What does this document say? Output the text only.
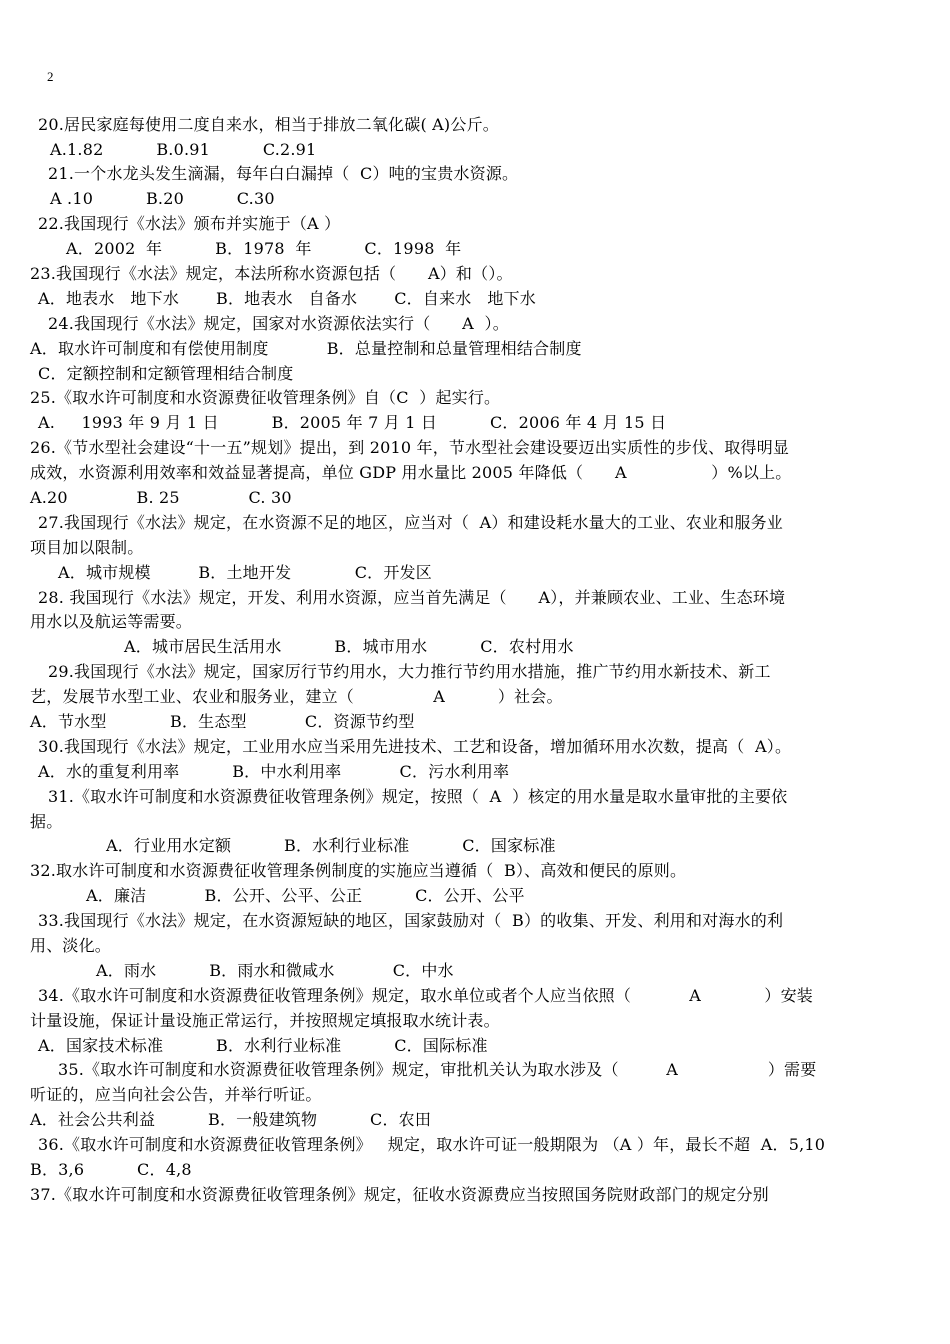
2
20.居民家庭每使用二度自来水，相当于排放二氧化碳( A)公斤。
A.1.82          B.0.91          C.2.91
21.一个水龙头发生滴漏，每年白白漏掉（  C）吨的宝贵水资源。
A .10          B.20          C.30
22.我国现行《水法》颁布并实施于（A ）
A．2002  年          B．1978  年          C．1998  年
23.我国现行《水法》规定，本法所称水资源包括（      A）和（）。
A．地表水   地下水       B．地表水   自备水       C．自来水   地下水
24.我国现行《水法》规定，国家对水资源依法实行（      A  ）。
A．取水许可制度和有偿使用制度           B．总量控制和总量管理相结合制度
C．定额控制和定额管理相结合制度
25.《取水许可制度和水资源费征收管理条例》自（C  ）起实行。
A.     1993 年 9 月 1 日          B．2005 年 7 月 1 日          C．2006 年 4 月 15 日
26.《节水型社会建设“十一五”规划》提出，到 2010 年，节水型社会建设要迈出实质性的步伐、取得明显
成效，水资源利用效率和效益显著提高，单位 GDP 用水量比 2005 年降低（      A                ）%以上。
A.20             B. 25             C. 30
27.我国现行《水法》规定，在水资源不足的地区，应当对（  A）和建设耗水量大的工业、农业和服务业
项目加以限制。
A．城市规模         B．土地开发            C．开发区
28. 我国现行《水法》规定，开发、利用水资源，应当首先满足（      A），并兼顾农业、工业、生态环境
用水以及航运等需要。
A．城市居民生活用水          B．城市用水          C．农村用水
29.我国现行《水法》规定，国家厉行节约用水，大力推行节约用水措施，推广节约用水新技术、新工
艺，发展节水型工业、农业和服务业，建立（               A          ）社会。
A．节水型            B．生态型           C．资源节约型
30.我国现行《水法》规定，工业用水应当采用先进技术、工艺和设备，增加循环用水次数，提高（  A）。
A．水的重复利用率          B．中水利用率           C．污水利用率
31.《取水许可制度和水资源费征收管理条例》规定，按照（  A  ）核定的用水量是取水量审批的主要依
据。
A．行业用水定额          B．水利行业标准          C．国家标准
32.取水许可制度和水资源费征收管理条例制度的实施应当遵循（  B）、高效和便民的原则。
A．廉洁           B．公开、公平、公正          C．公开、公平
33.我国现行《水法》规定，在水资源短缺的地区，国家鼓励对（  B）的收集、开发、利用和对海水的利
用、淡化。
A．雨水          B．雨水和微咸水           C．中水
34.《取水许可制度和水资源费征收管理条例》规定，取水单位或者个人应当依照（           A            ）安装
计量设施，保证计量设施正常运行，并按照规定填报取水统计表。
A．国家技术标准          B．水利行业标准          C．国际标准
35.《取水许可制度和水资源费征收管理条例》规定，审批机关认为取水涉及（         A                 ）需要
听证的，应当向社会公告，并举行听证。
A．社会公共利益          B．一般建筑物          C．农田
36.《取水许可制度和水资源费征收管理条例》   规定，取水许可证一般期限为 （A ）年，最长不超  A．5,10
B．3,6          C．4,8
37.《取水许可制度和水资源费征收管理条例》规定，征收水资源费应当按照国务院财政部门的规定分别
